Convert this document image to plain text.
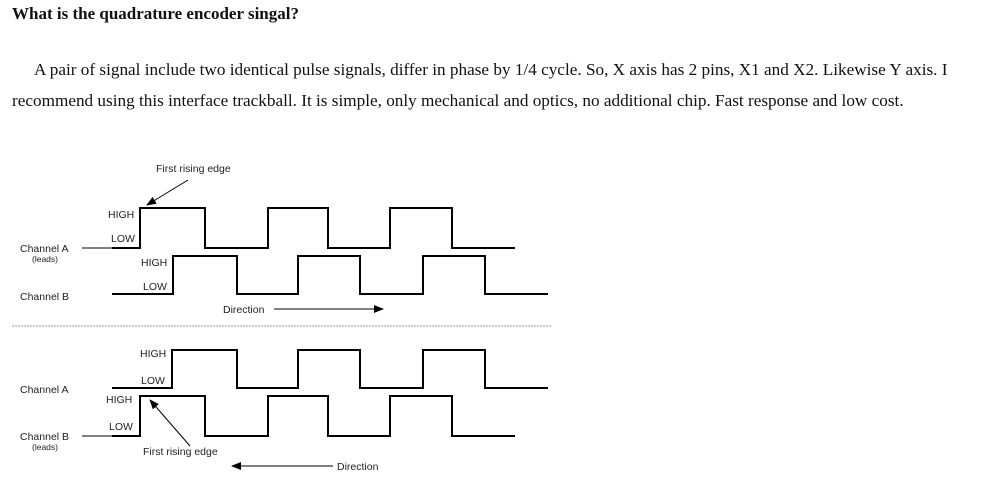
What is the quadrature encoder singal?

A pair of signal include two identical pulse signals, differ in phase by 1/4 cycle. So, X axis has 2 pins, X1 and X2. Likewise Y axis. I recommend using this interface trackball. It is simple, only mechanical and optics, no additional chip. Fast response and low cost.

First rising edge
HIGH
LOW
Channel A
(leads)	HIGH
LOW
Channel B
Direction
HIGH
LOW
Channel A
HIGH
LOW
Channel B
(leads)	First rising edge
Direction
